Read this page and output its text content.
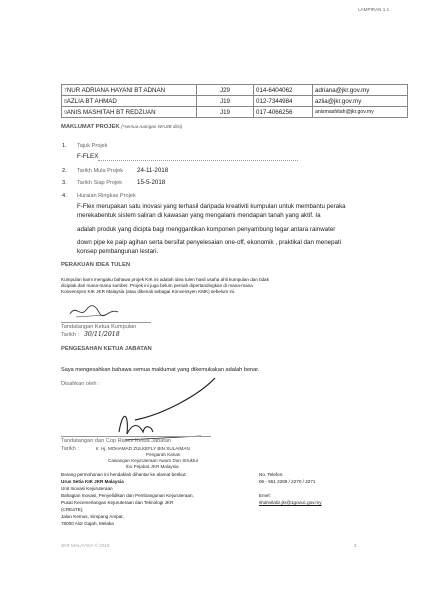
LAMPIRAN 1.1
7NUR ADRIANA HAYANI BT ADNAN	J29	014-6404062	adriana@jkr.gov.my
8AZLIA BT AHMAD	J19	012-7344984	azlia@jkr.gov.my
9ANIS MASHITAH BT REDZUAN	J19	017-4066256	anismashitah@jkr.gov.my
MAKLUMAT PROJEK (*semua ruangan WAJIB diisi)
1. Tajuk Projek
F-FLEX
2. Tarikh Mula Projek 24-11-2018
3. Tarikh Siap Projek 15-5-2018
4. Huraian Ringkas Projek
F-Flex merupakan satu inovasi yang terhasil daripada kreativiti kumpulan untuk membantu peraka
merekabentuk sistem saliran di kawasan yang mengalami mendapan tanah yang aktif. Ia
adalah produk yang dicipta bagi menggantikan komponen penyambung tegar antara rainwater
down pipe ke paip agihan serta bersifat penyelesaian one-off, ekonomik , praktikal dan menepati
konsep pembangunan lestari.
PERAKUAN IDEA TULEN
Kumpulan kami mengaku bahawa projek KIK ini adalah idea tulen hasil usaha ahli kumpulan dan tidak
diciplak dari mana-mana sumber. Projek ini juga belum pernah dipertandingkan di mana-mana
Konvensyen KIK JKR Malaysia (atau dikenali sebagai Konvensyen KMK) sebelum ini.
Tandatangan Ketua Kumpulan
Tarikh : 30/11/2018
PENGESAHAN KETUA JABATAN
Saya mengesahkan bahawa semua maklumat yang dikemukakan adalah benar.
Disahkan oleh :
Tandatangan dan Cop Rasmi Ketua Jabatan
Tarikh :	Ir. Hj. MOHAMAD ZULKEFLY BIN SULAIMAN
Pengarah Kanan
Cawangan Kejuruteraan Awam Dan Struktur
Ibu Pejabat JKR Malaysia
Borang permohonan ini hendaklah dihantar ke alamat berikut:
Urus Setia KIK JKR Malaysia
Unit Inovasi Kejuruteraan
Bahagian Inovasi, Penyelidikan dan Pembangunan Kejuruteraan,
Pusat Kecemerlangan Kejuruteraan dan Teknologi JKR
(CREaTE),
Jalan Kemus, Simpang Ampat,
78000 Alor Gajah, Melaka
No. Telefon:
06 - 551 2269 / 2270 / 2271
Emel:
shahvilaliz.jkr@1govuc.gov.my
JKR MALAYSIA © 2018	2
